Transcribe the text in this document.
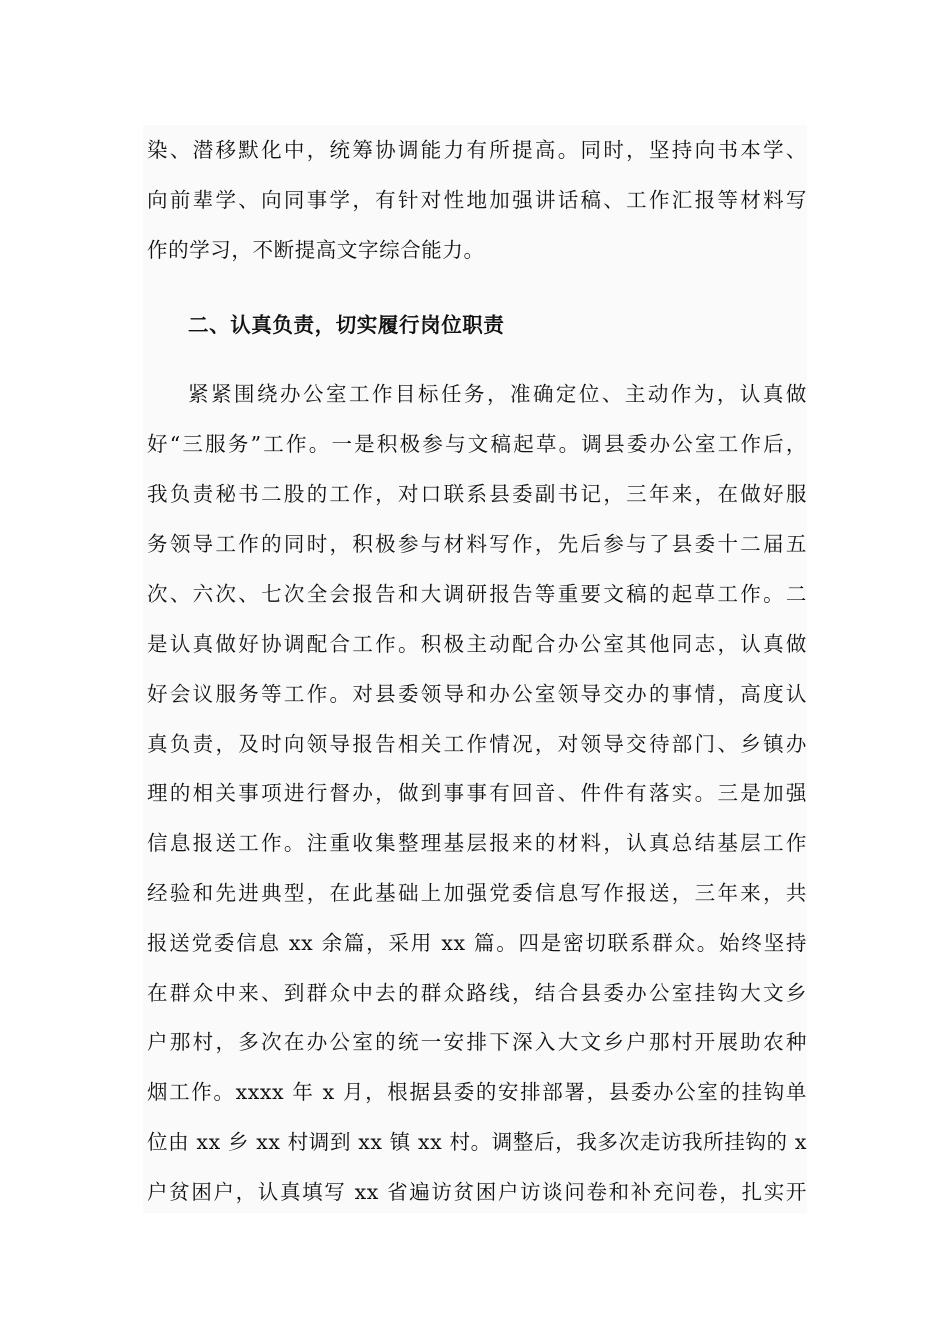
染、潜移默化中，统筹协调能力有所提高。同时，坚持向书本学、
向前辈学、向同事学，有针对性地加强讲话稿、工作汇报等材料写
作的学习，不断提高文字综合能力。
二、认真负责，切实履行岗位职责
紧紧围绕办公室工作目标任务，准确定位、主动作为，认真做
好“三服务”工作。一是积极参与文稿起草。调县委办公室工作后，
我负责秘书二股的工作，对口联系县委副书记，三年来，在做好服
务领导工作的同时，积极参与材料写作，先后参与了县委十二届五
次、六次、七次全会报告和大调研报告等重要文稿的起草工作。二
是认真做好协调配合工作。积极主动配合办公室其他同志，认真做
好会议服务等工作。对县委领导和办公室领导交办的事情，高度认
真负责，及时向领导报告相关工作情况，对领导交待部门、乡镇办
理的相关事项进行督办，做到事事有回音、件件有落实。三是加强
信息报送工作。注重收集整理基层报来的材料，认真总结基层工作
经验和先进典型，在此基础上加强党委信息写作报送，三年来，共
报送党委信息 xx 余篇，采用 xx 篇。四是密切联系群众。始终坚持
在群众中来、到群众中去的群众路线，结合县委办公室挂钩大文乡
户那村，多次在办公室的统一安排下深入大文乡户那村开展助农种
烟工作。xxxx 年 x 月，根据县委的安排部署，县委办公室的挂钩单
位由 xx 乡 xx 村调到 xx 镇 xx 村。调整后，我多次走访我所挂钩的 x
户贫困户，认真填写 xx 省遍访贫困户访谈问卷和补充问卷，扎实开
